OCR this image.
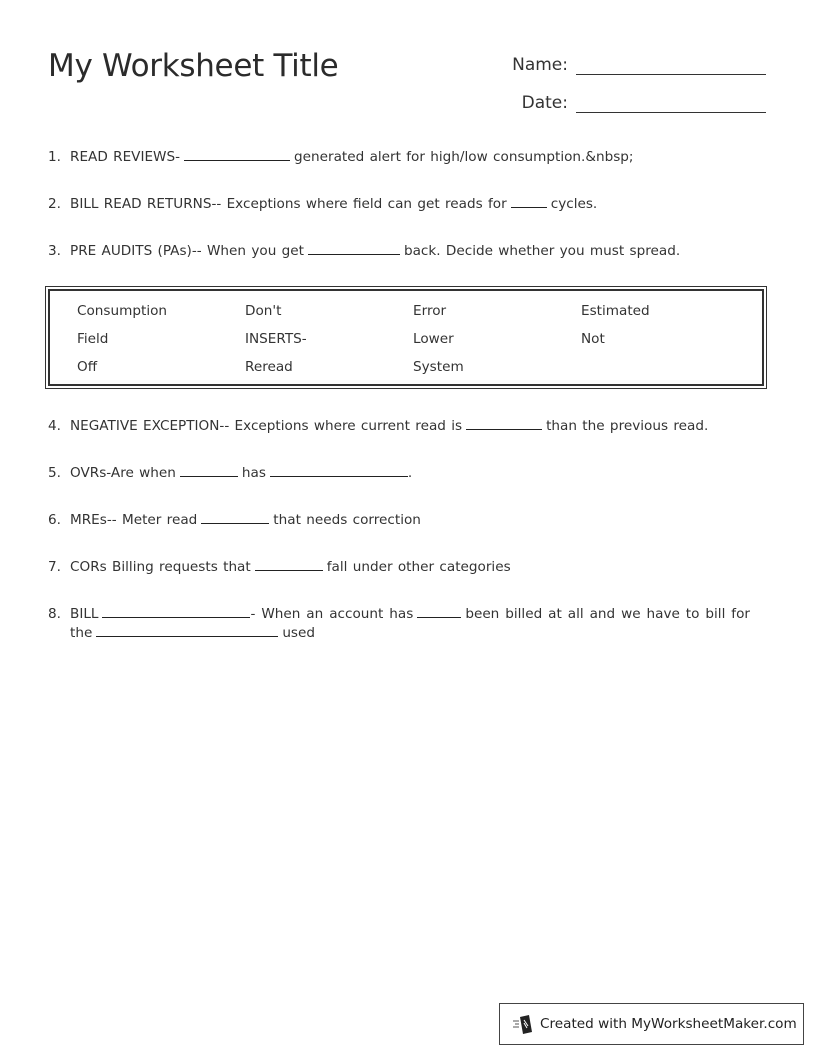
My Worksheet Title	Name:
Date:
1. READ REVIEWS-	generated alert for high/low consumption.&nbsp;
2. BILL READ RETURNS-- Exceptions where field can get reads for	cycles.
3. PRE AUDITS (PAs)-- When you get	back. Decide whether you must spread.
Consumption	Don't	Error	Estimated
Field	INSERTS-	Lower	Not
Off	Reread	System
4. NEGATIVE EXCEPTION-- Exceptions where current read is	than the previous read.
5. OVRs-Are when	has	.
6. MREs-- Meter read	that needs correction
7. CORs Billing requests that	fall under other categories
8. BILL	- When an account has	been billed at all and we have to bill for the	used
Created with MyWorksheetMaker.com
